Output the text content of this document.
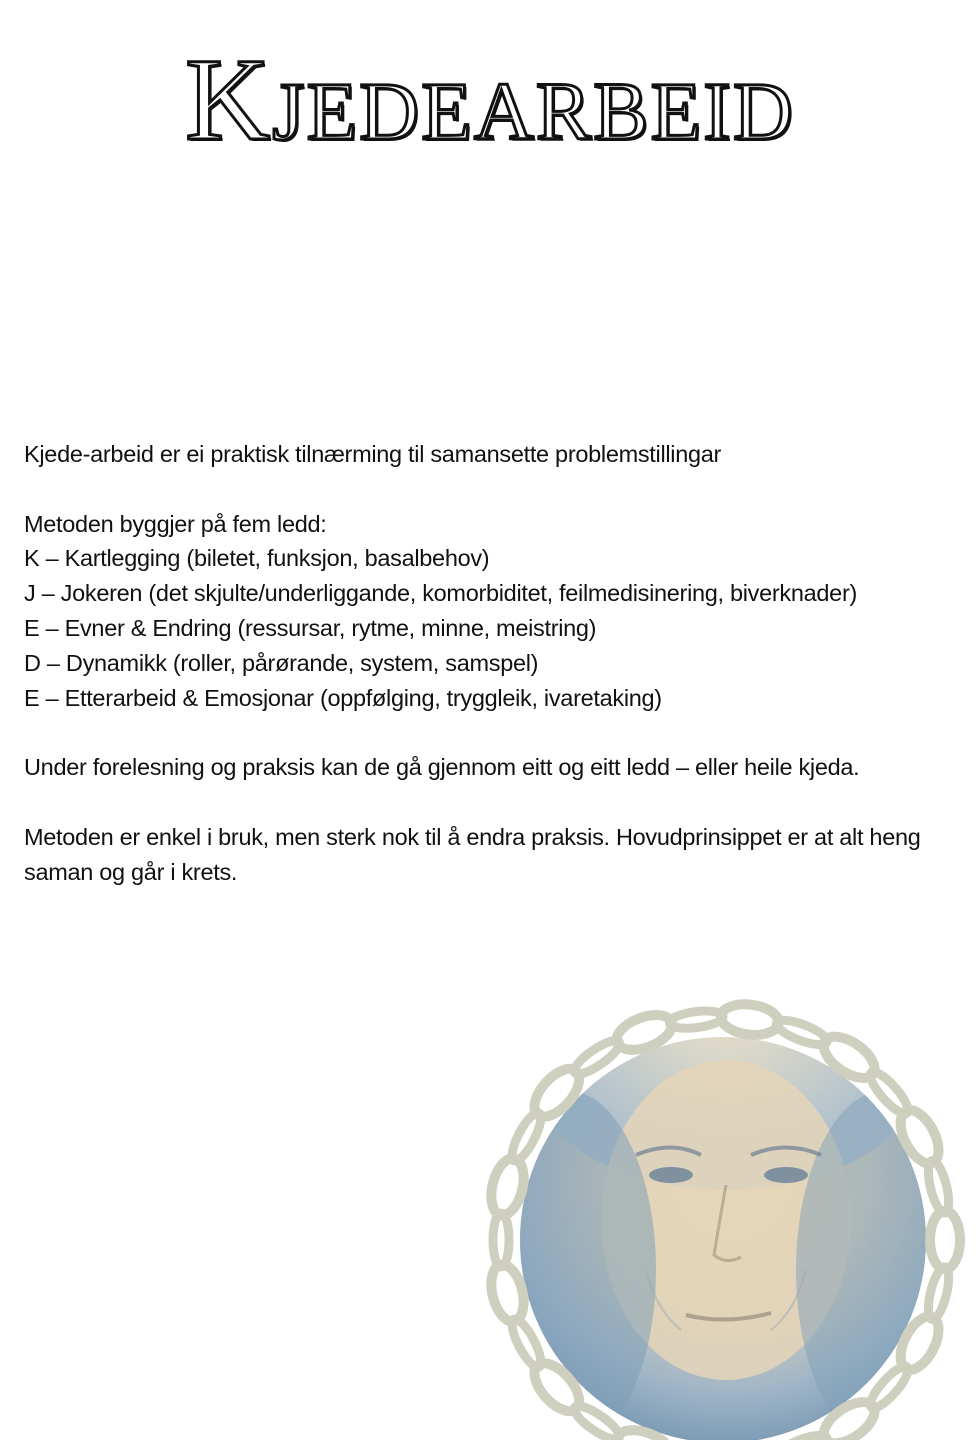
Kjedearbeid

Kjede-arbeid er ei praktisk tilnærming til samansette problemstillingar

Metoden byggjer på fem ledd:

K – Kartlegging (biletet, funksjon, basalbehov)
J – Jokeren (det skjulte/underliggande, komorbiditet, feilmedisinering, biverknader)
E – Evner & Endring (ressursar, rytme, minne, meistring)
D – Dynamikk (roller, pårørande, system, samspel)
E – Etterarbeid & Emosjonar (oppfølging, tryggleik, ivaretaking)

Under forelesning og praksis kan de gå gjennom eitt og eitt ledd – eller heile kjeda.

Metoden er enkel i bruk, men sterk nok til å endra praksis. Hovudprinsippet er at alt heng saman og går i krets.
